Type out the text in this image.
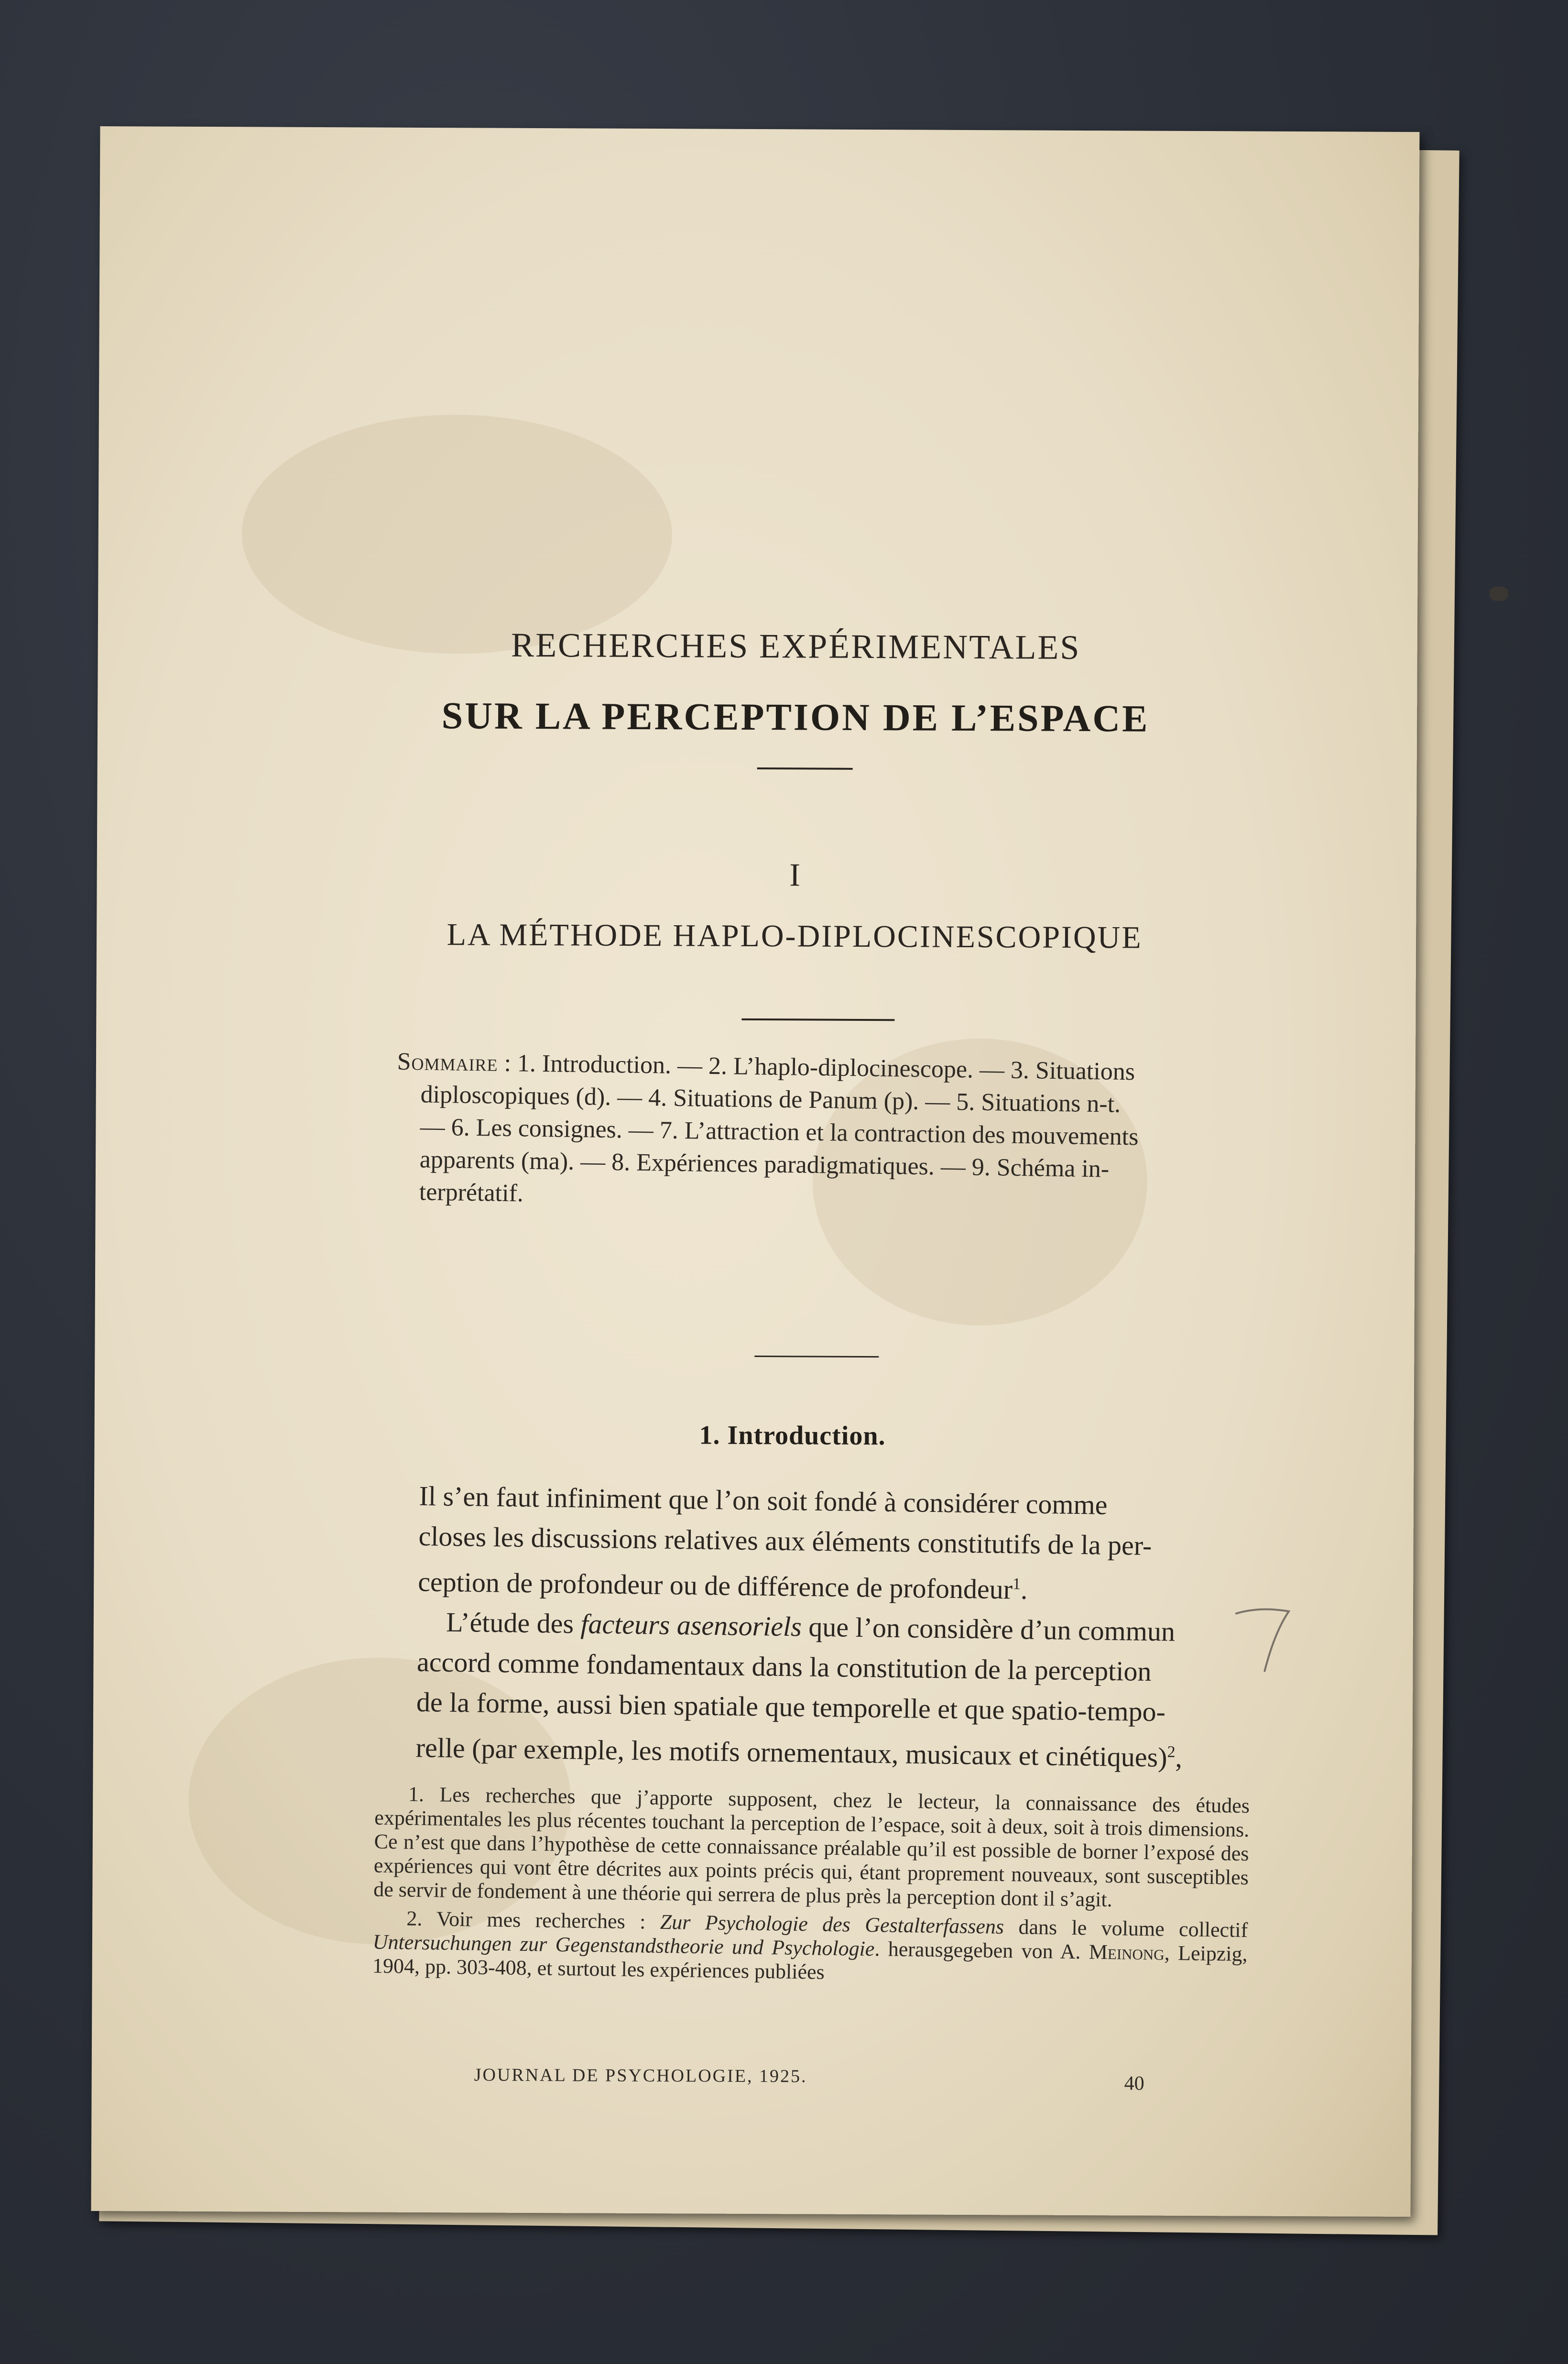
RECHERCHES EXPÉRIMENTALES
SUR LA PERCEPTION DE L’ESPACE
I
LA MÉTHODE HAPLO-DIPLOCINESCOPIQUE
Sommaire : 1. Introduction. — 2. L’haplo-diplocinescope. — 3. Situations
diploscopiques (d). — 4. Situations de Panum (p). — 5. Situations n-t.
— 6. Les consignes. — 7. L’attraction et la contraction des mouvements
apparents (ma). — 8. Expériences paradigmatiques. — 9. Schéma in-
terprétatif.
1. Introduction.

Il s’en faut infiniment que l’on soit fondé à considérer comme

closes les discussions relatives aux éléments constitutifs de la per-

ception de profondeur ou de différence de profondeur$^1$.

L’étude des facteurs asensoriels que l’on considère d’un commun

accord comme fondamentaux dans la constitution de la perception

de la forme, aussi bien spatiale que temporelle et que spatio-tempo-

relle (par exemple, les motifs ornementaux, musicaux et cinétiques)$^2$,

1. Les recherches que j’apporte supposent, chez le lecteur, la connaissance des études expérimentales les plus récentes touchant la perception de l’espace, soit à deux, soit à trois dimensions. Ce n’est que dans l’hypothèse de cette connaissance préalable qu’il est possible de borner l’exposé des expériences qui vont être décrites aux points précis qui, étant proprement nouveaux, sont susceptibles de servir de fondement à une théorie qui serrera de plus près la perception dont il s’agit.

2. Voir mes recherches : Zur Psychologie des Gestalterfassens dans le volume collectif Untersuchungen zur Gegenstandstheorie und Psychologie. herausgegeben von A. Meinong, Leipzig, 1904, pp. 303-408, et surtout les expériences publiées

JOURNAL DE PSYCHOLOGIE, 1925.	40
